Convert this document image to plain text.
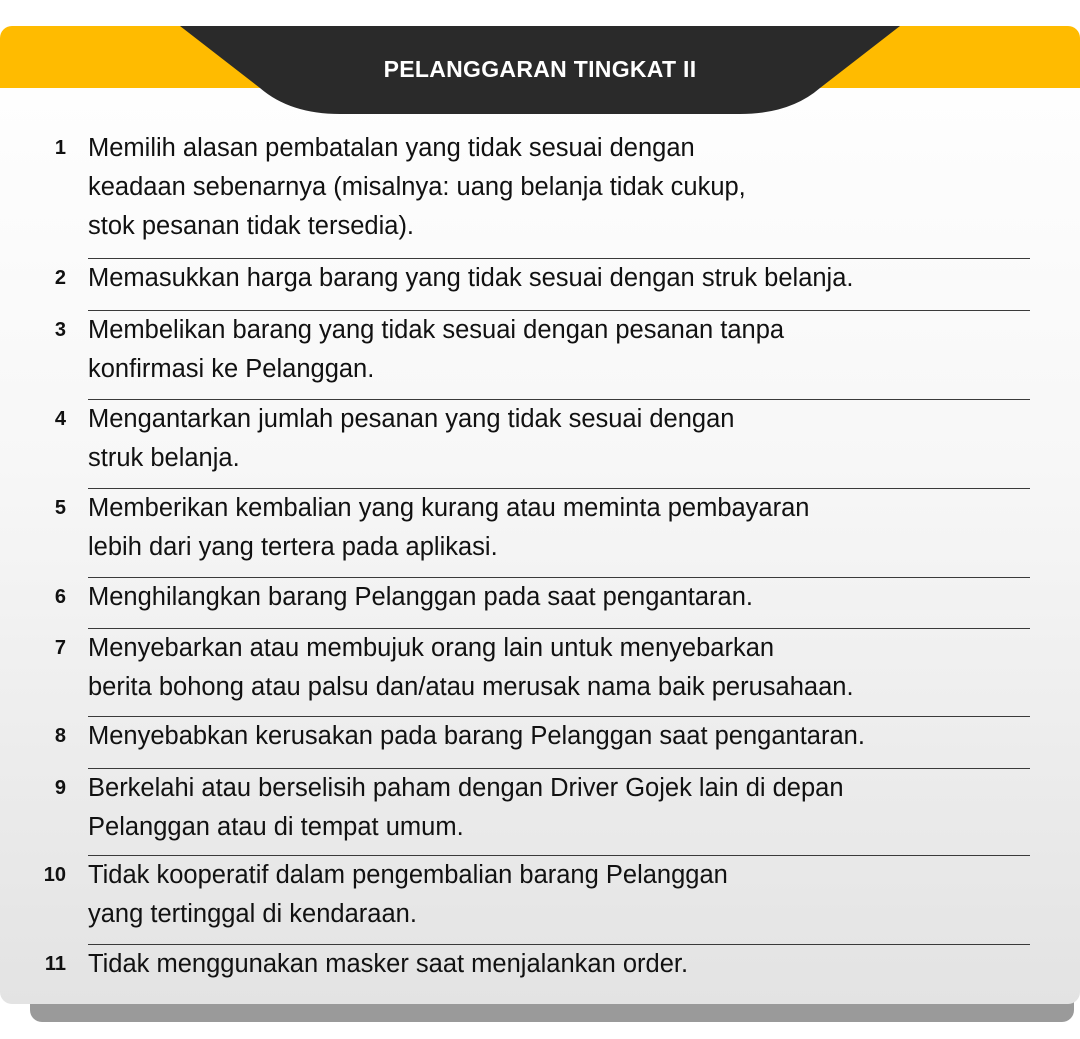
PELANGGARAN TINGKAT II
1 Memilih alasan pembatalan yang tidak sesuai dengan
keadaan sebenarnya (misalnya: uang belanja tidak cukup,
stok pesanan tidak tersedia).
2 Memasukkan harga barang yang tidak sesuai dengan struk belanja.
3 Membelikan barang yang tidak sesuai dengan pesanan tanpa
konfirmasi ke Pelanggan.
4 Mengantarkan jumlah pesanan yang tidak sesuai dengan
struk belanja.
5 Memberikan kembalian yang kurang atau meminta pembayaran
lebih dari yang tertera pada aplikasi.
6 Menghilangkan barang Pelanggan pada saat pengantaran.
7 Menyebarkan atau membujuk orang lain untuk menyebarkan
berita bohong atau palsu dan/atau merusak nama baik perusahaan.
8 Menyebabkan kerusakan pada barang Pelanggan saat pengantaran.
9 Berkelahi atau berselisih paham dengan Driver Gojek lain di depan
Pelanggan atau di tempat umum.
10 Tidak kooperatif dalam pengembalian barang Pelanggan
yang tertinggal di kendaraan.
11 Tidak menggunakan masker saat menjalankan order.
